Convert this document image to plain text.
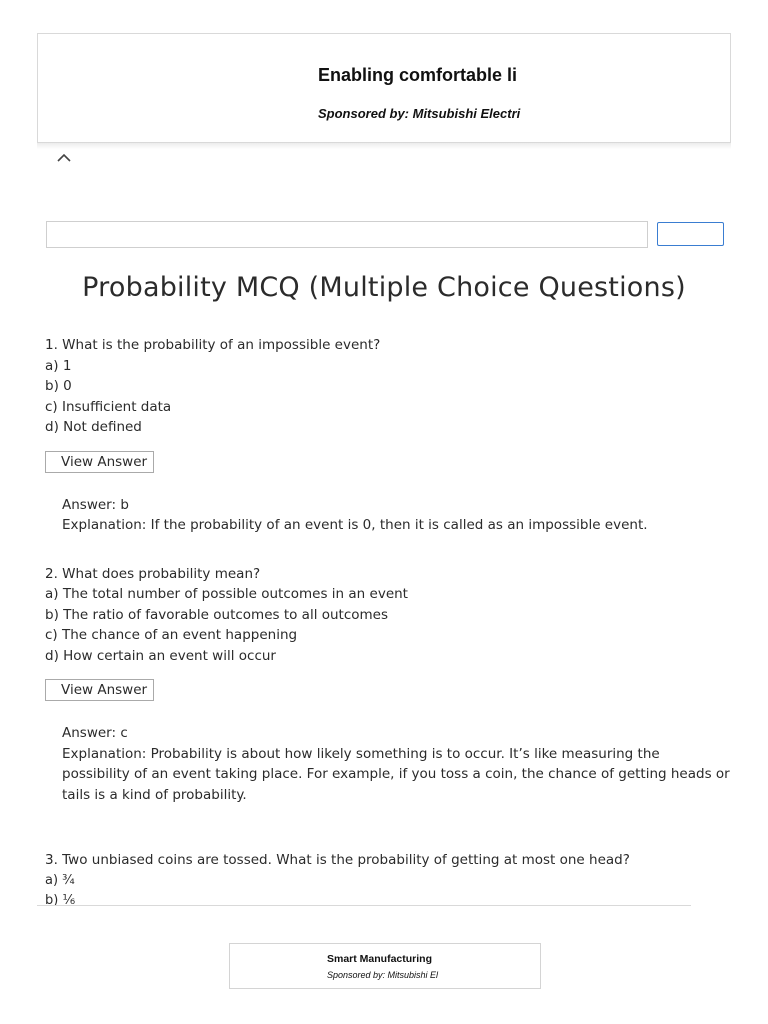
Enabling comfortable li
Sponsored by: Mitsubishi Electri
Probability MCQ (Multiple Choice Questions)
1. What is the probability of an impossible event?
a) 1
b) 0
c) Insufficient data
d) Not defined
View Answer
Answer: b
Explanation: If the probability of an event is 0, then it is called as an impossible event.
2. What does probability mean?
a) The total number of possible outcomes in an event
b) The ratio of favorable outcomes to all outcomes
c) The chance of an event happening
d) How certain an event will occur
View Answer
Answer: c
Explanation: Probability is about how likely something is to occur. It’s like measuring the
possibility of an event taking place. For example, if you toss a coin, the chance of getting heads or
tails is a kind of probability.
3. Two unbiased coins are tossed. What is the probability of getting at most one head?
a) ¾
b) ⅙
Smart Manufacturing
Sponsored by: Mitsubishi El
